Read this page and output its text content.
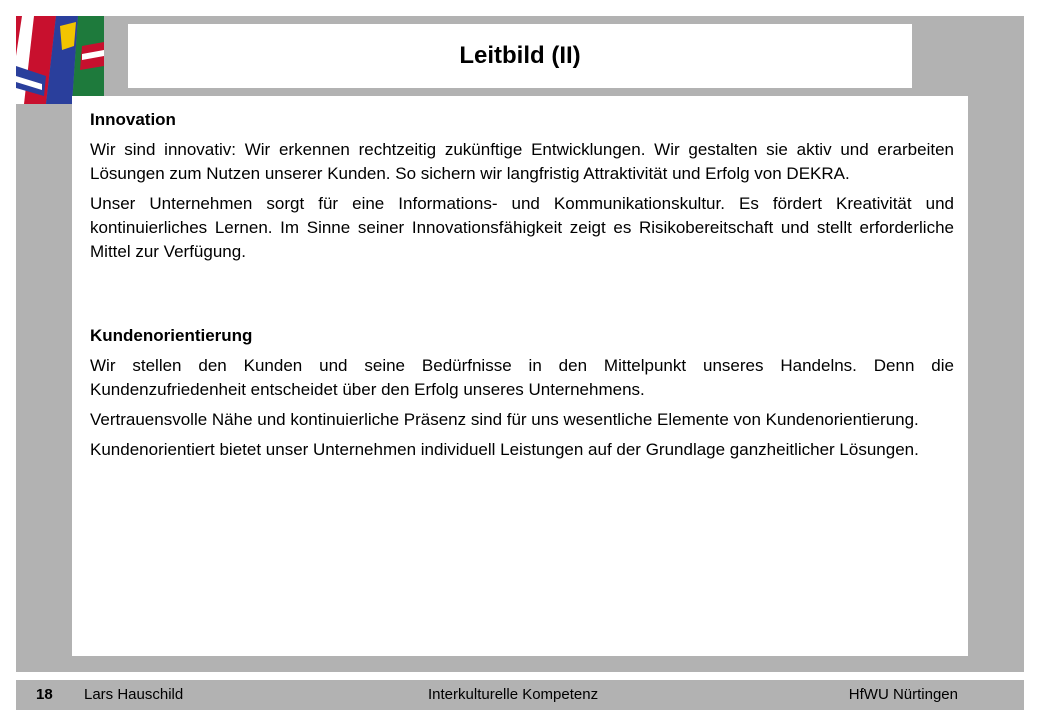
Leitbild (II)
Innovation

Wir sind innovativ: Wir erkennen rechtzeitig zukünftige Entwicklungen. Wir gestalten sie aktiv und erarbeiten Lösungen zum Nutzen unserer Kunden. So sichern wir langfristig Attraktivität und Erfolg von DEKRA.

Unser Unternehmen sorgt für eine Informations- und Kommunikationskultur. Es fördert Kreativität und kontinuierliches Lernen. Im Sinne seiner Innovationsfähigkeit zeigt es Risikobereitschaft und stellt erforderliche Mittel zur Verfügung.

Kundenorientierung

Wir stellen den Kunden und seine Bedürfnisse in den Mittelpunkt unseres Handelns. Denn die Kundenzufriedenheit entscheidet über den Erfolg unseres Unternehmens.

Vertrauensvolle Nähe und kontinuierliche Präsenz sind für uns wesentliche Elemente von Kundenorientierung.

Kundenorientiert bietet unser Unternehmen individuell Leistungen auf der Grundlage ganzheitlicher Lösungen.

18 Lars Hauschild	Interkulturelle Kompetenz	HfWU Nürtingen
